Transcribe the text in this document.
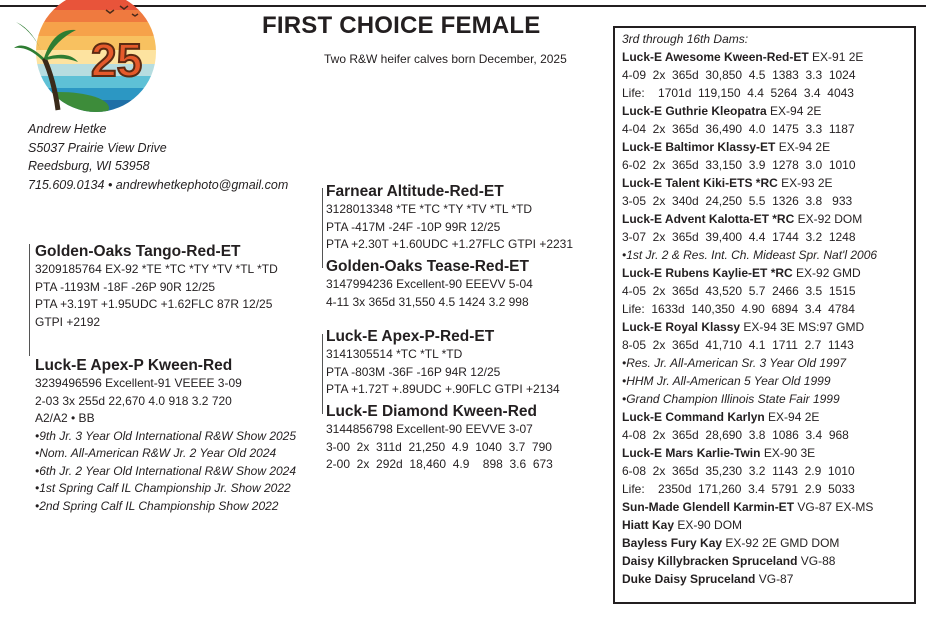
25
FIRST CHOICE FEMALE
Two R&W heifer calves born December, 2025
Andrew Hetke
S5037 Prairie View Drive
Reedsburg, WI 53958
715.609.0134 • andrewhetkephoto@gmail.com
Golden-Oaks Tango-Red-ET
3209185764 EX-92 *TE *TC *TY *TV *TL *TD
PTA -1193M -18F -26P 90R 12/25
PTA +3.19T +1.95UDC +1.62FLC 87R 12/25
GTPI +2192
Luck-E Apex-P Kween-Red
3239496596 Excellent-91 VEEEE 3-09
2-03 3x 255d 22,670 4.0 918 3.2 720
A2/A2 • BB
•9th Jr. 3 Year Old International R&W Show 2025
•Nom. All-American R&W Jr. 2 Year Old 2024
•6th Jr. 2 Year Old International R&W Show 2024
•1st Spring Calf IL Championship Jr. Show 2022
•2nd Spring Calf IL Championship Show 2022
Farnear Altitude-Red-ET
3128013348 *TE *TC *TY *TV *TL *TD
PTA -417M -24F -10P 99R 12/25
PTA +2.30T +1.60UDC +1.27FLC GTPI +2231
Golden-Oaks Tease-Red-ET
3147994236 Excellent-90 EEEVV 5-04
4-11 3x 365d 31,550 4.5 1424 3.2 998
Luck-E Apex-P-Red-ET
3141305514 *TC *TL *TD
PTA -803M -36F -16P 94R 12/25
PTA +1.72T +.89UDC +.90FLC GTPI +2134
Luck-E Diamond Kween-Red
3144856798 Excellent-90 EEVVE 3-07
3-00  2x  311d  21,250  4.9  1040  3.7  790
2-00  2x  292d  18,460  4.9    898  3.6  673
3rd through 16th Dams:
Luck-E Awesome Kween-Red-ET EX-91 2E
4-09  2x  365d  30,850  4.5  1383  3.3  1024
Life:    1701d  119,150  4.4  5264  3.4  4043
Luck-E Guthrie Kleopatra EX-94 2E
4-04  2x  365d  36,490  4.0  1475  3.3  1187
Luck-E Baltimor Klassy-ET EX-94 2E
6-02  2x  365d  33,150  3.9  1278  3.0  1010
Luck-E Talent Kiki-ETS *RC EX-93 2E
3-05  2x  340d  24,250  5.5  1326  3.8   933
Luck-E Advent Kalotta-ET *RC EX-92 DOM
3-07  2x  365d  39,400  4.4  1744  3.2  1248
•1st Jr. 2 & Res. Int. Ch. Mideast Spr. Nat'l 2006
Luck-E Rubens Kaylie-ET *RC EX-92 GMD
4-05  2x  365d  43,520  5.7  2466  3.5  1515
Life:  1633d  140,350  4.90  6894  3.4  4784
Luck-E Royal Klassy EX-94 3E MS:97 GMD
8-05  2x  365d  41,710  4.1  1711  2.7  1143
•Res. Jr. All-American Sr. 3 Year Old 1997
•HHM Jr. All-American 5 Year Old 1999
•Grand Champion Illinois State Fair 1999
Luck-E Command Karlyn EX-94 2E
4-08  2x  365d  28,690  3.8  1086  3.4  968
Luck-E Mars Karlie-Twin EX-90 3E
6-08  2x  365d  35,230  3.2  1143  2.9  1010
Life:    2350d  171,260  3.4  5791  2.9  5033
Sun-Made Glendell Karmin-ET VG-87 EX-MS
Hiatt Kay EX-90 DOM
Bayless Fury Kay EX-92 2E GMD DOM
Daisy Killybracken Spruceland VG-88
Duke Daisy Spruceland VG-87
